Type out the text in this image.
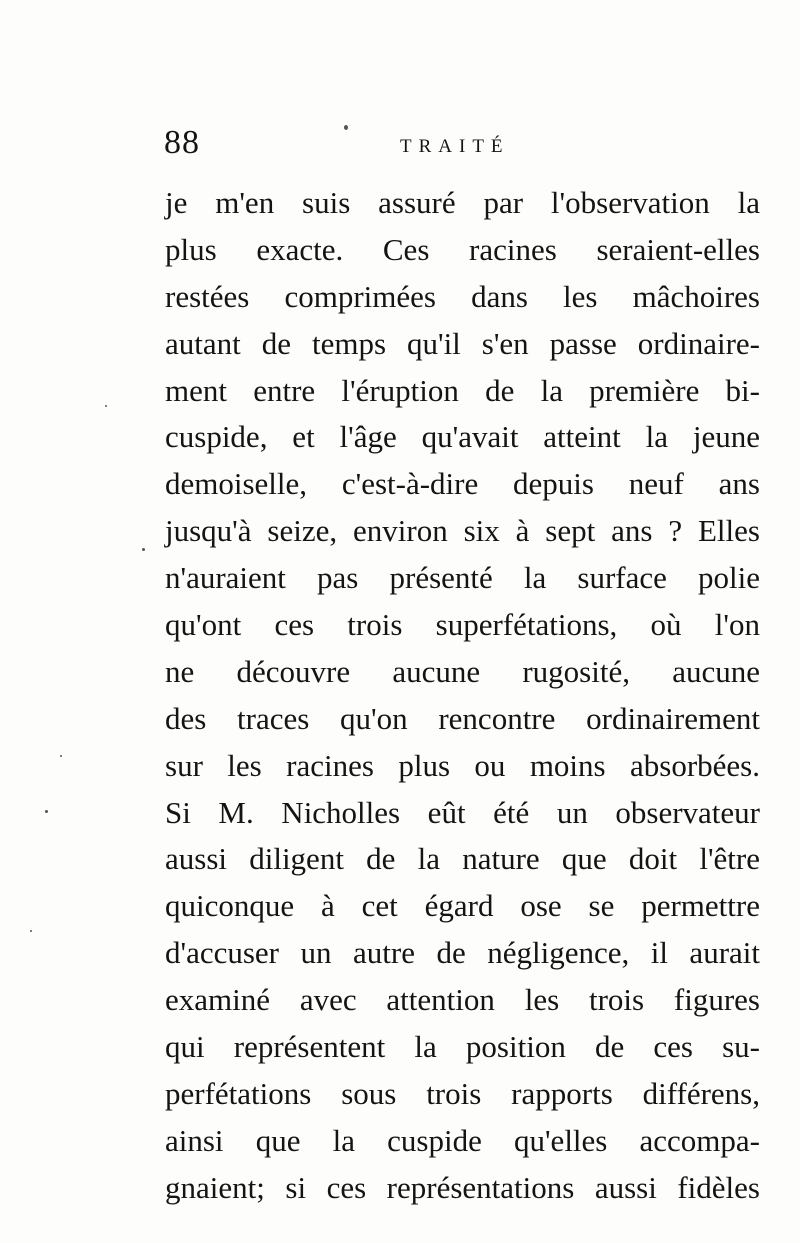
88	TRAITÉ
je m'en suis assuré par l'observation la
plus exacte. Ces racines seraient-elles
restées comprimées dans les mâchoires
autant de temps qu'il s'en passe ordinaire-
ment entre l'éruption de la première bi-
cuspide, et l'âge qu'avait atteint la jeune
demoiselle, c'est-à-dire depuis neuf ans
jusqu'à seize, environ six à sept ans ? Elles
n'auraient pas présenté la surface polie
qu'ont ces trois superfétations, où l'on
ne découvre aucune rugosité, aucune
des traces qu'on rencontre ordinairement
sur les racines plus ou moins absorbées.
Si M. Nicholles eût été un observateur
aussi diligent de la nature que doit l'être
quiconque à cet égard ose se permettre
d'accuser un autre de négligence, il aurait
examiné avec attention les trois figures
qui représentent la position de ces su-
perfétations sous trois rapports différens,
ainsi que la cuspide qu'elles accompa-
gnaient; si ces représentations aussi fidèles
